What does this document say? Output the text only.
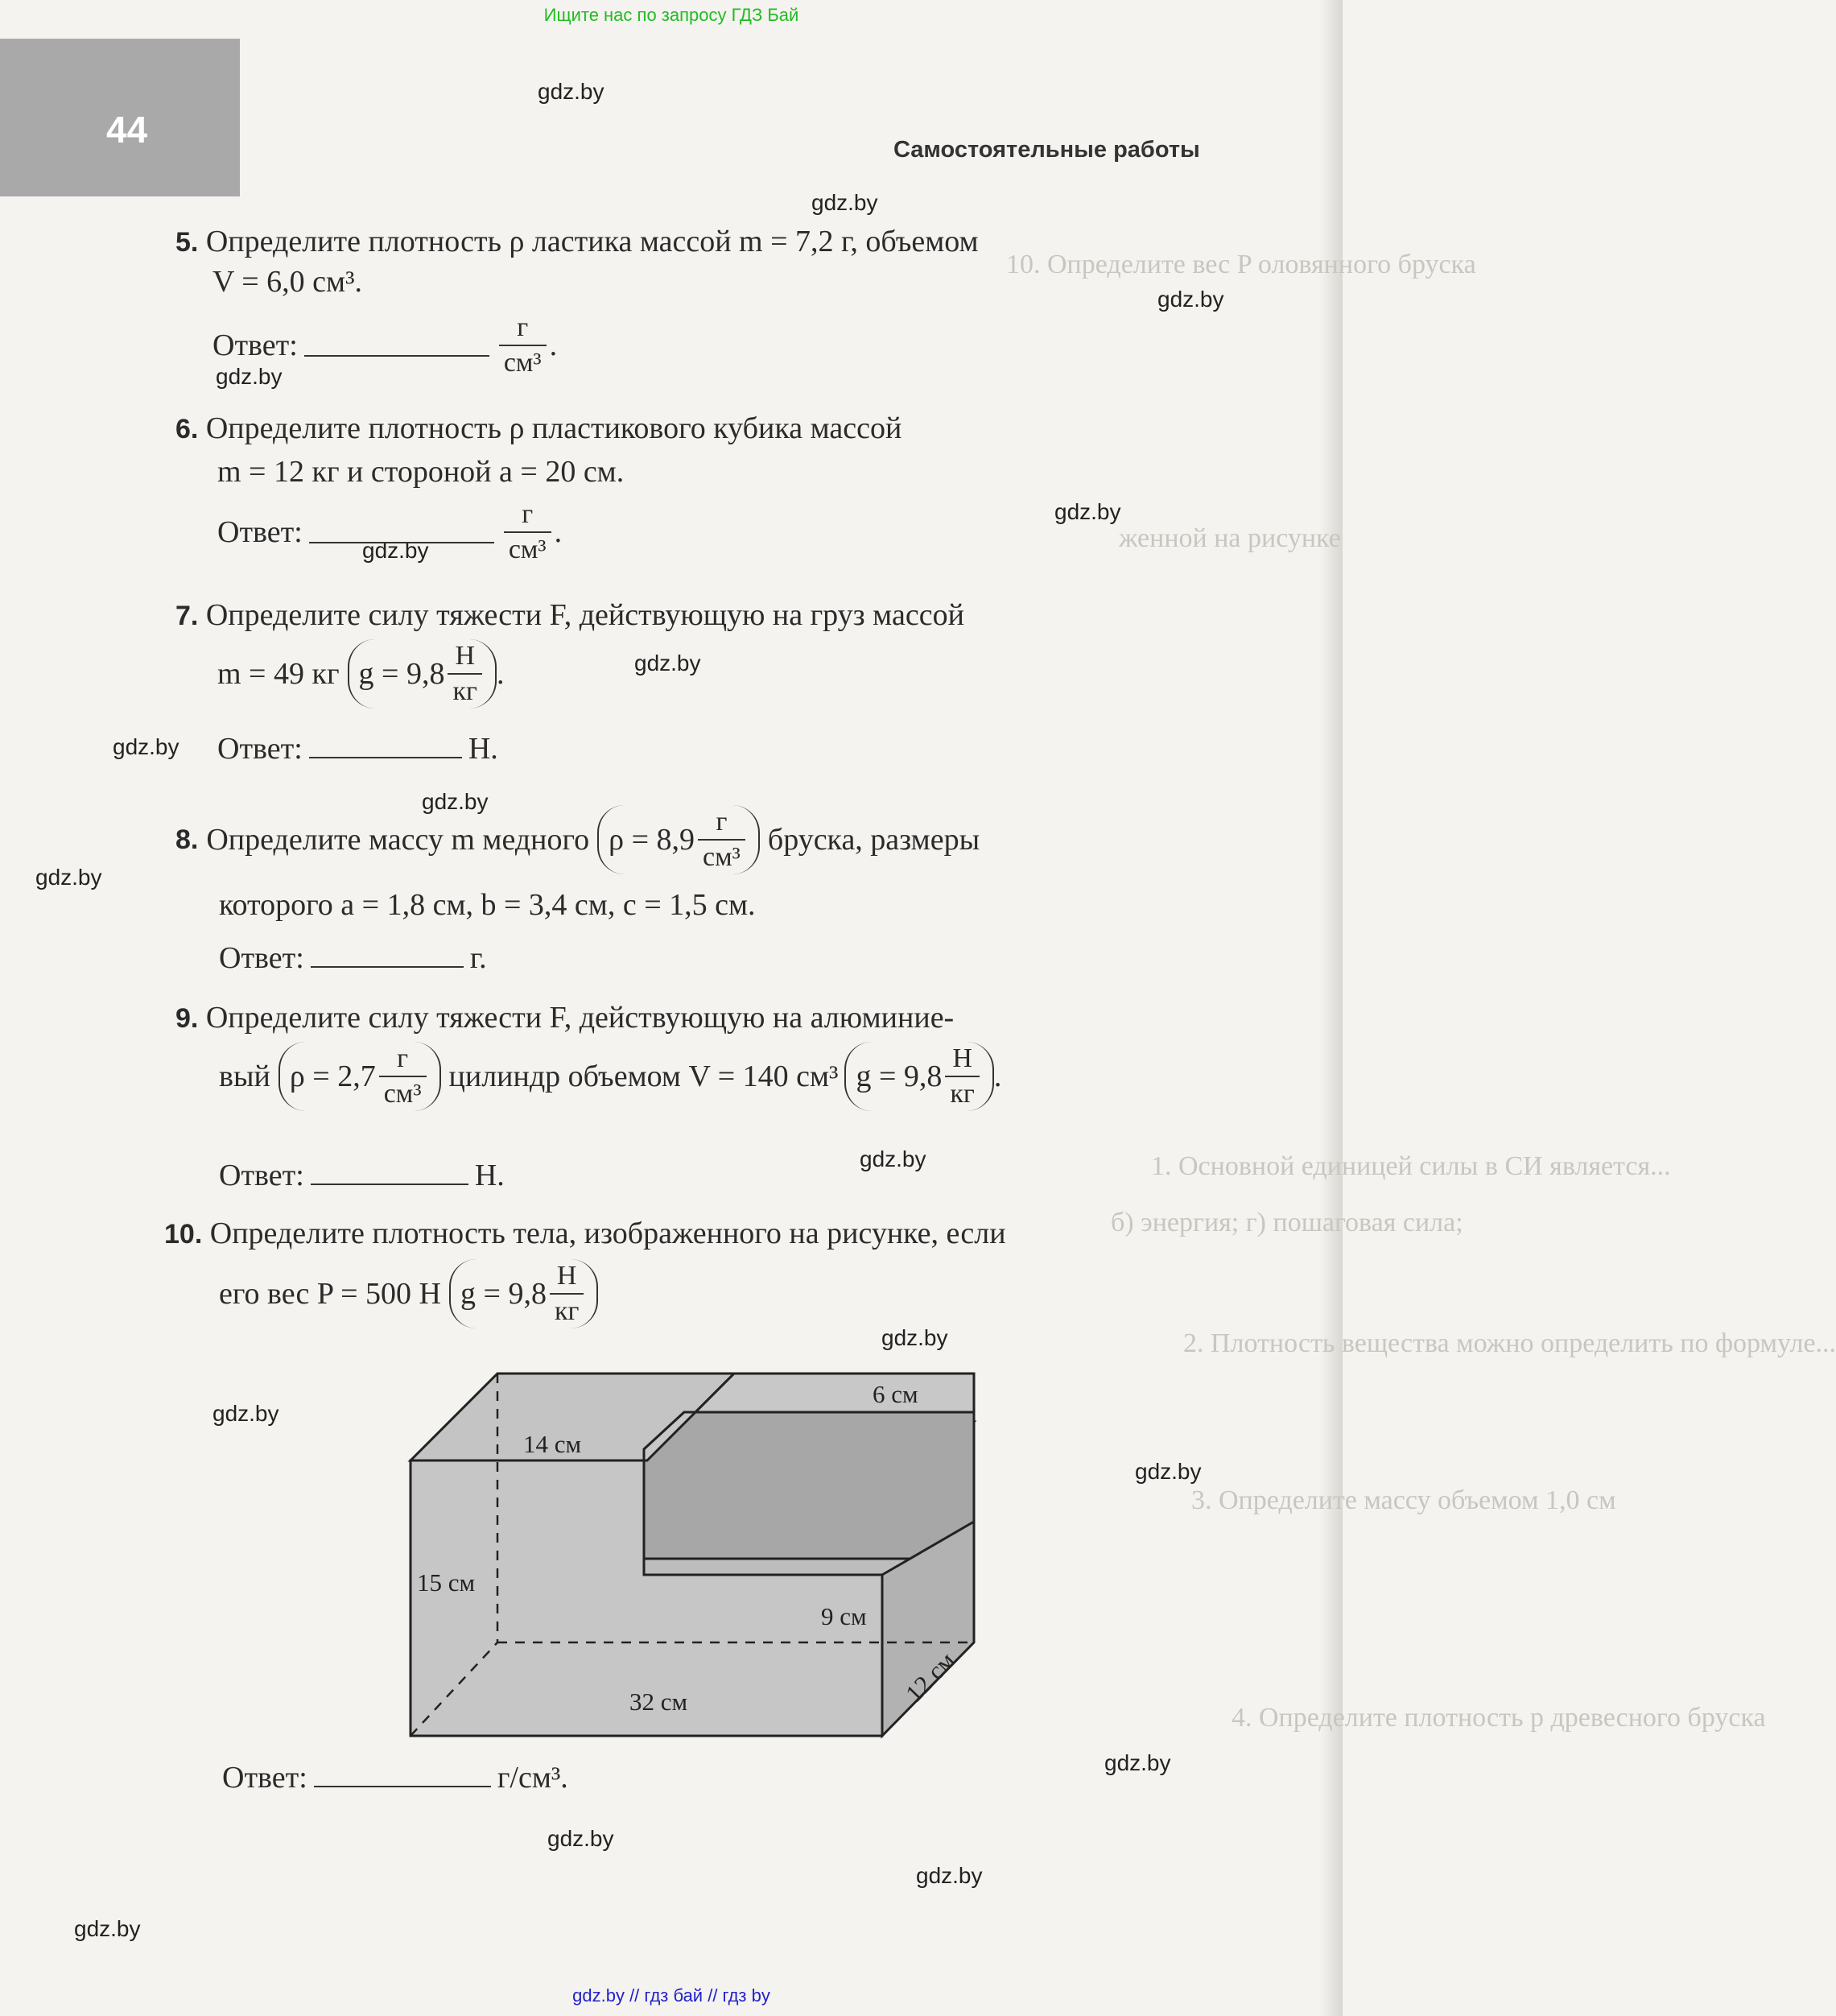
Ищите нас по запросу ГДЗ Бай
44	Самостоятельные работы
10. Определите вес P оловянного бруска
женной на рисунке
1. Основной единицей силы в СИ является...
б) энергия; г) пошаговая сила;
2. Плотность вещества можно определить по формуле...
3. Определите массу объемом 1,0 см
4. Определите плотность p древесного бруска
gdz.by
gdz.by
gdz.by
gdz.by
gdz.by
gdz.by
gdz.by
gdz.by
gdz.by
gdz.by
gdz.by
gdz.by
gdz.by
gdz.by
gdz.by
gdz.by
gdz.by
gdz.by
5. Определите плотность ρ ластика массой m = 7,2 г, объемом
V = 6,0 см³.
Ответ:	$\frac{г}{\text{см³}}$ .
6. Определите плотность ρ пластикового кубика массой
m = 12 кг и стороной a = 20 см.
Ответ:	$\frac{г}{\text{см³}}$ .
7. Определите силу тяжести F, действующую на груз массой
m = 49 кг $g = 9,8 \frac{Н}{кг}$ .
Ответ:	Н.
8. Определите массу m медного $\rho = 8,9 \frac{г}{\text{см³}}$ бруска, размеры
которого a = 1,8 см, b = 3,4 см, c = 1,5 см.
Ответ:	г.
9. Определите силу тяжести F, действующую на алюминие-
вый $\rho = 2,7 \frac{г}{\text{см³}}$ цилиндр объемом V = 140 см³ $g = 9,8 \frac{Н}{кг}$ .
Ответ:	Н.
10. Определите плотность тела, изображенного на рисунке, если
его вес P = 500 Н $g = 9,8 \frac{Н}{кг}$
14 см
6 см
15 см
9 см
32 см	12 см
Ответ:	г/см³.
gdz.by // гдз бай // гдз by
